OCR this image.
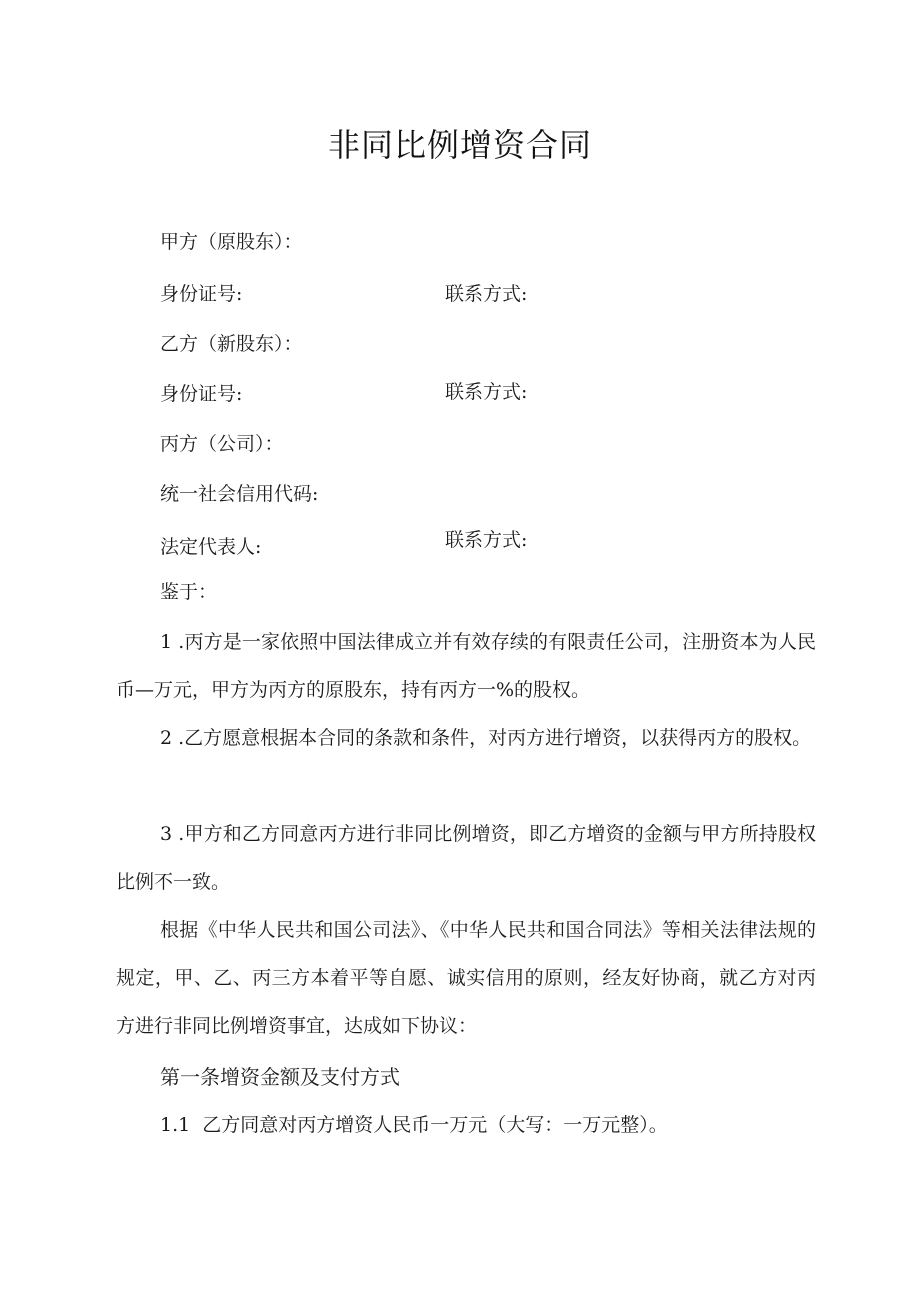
非同比例增资合同
甲方（原股东）：
身份证号:	联系方式:
乙方（新股东）：
身份证号:	联系方式:
丙方（公司）：
统一社会信用代码:
法定代表人:	联系方式:
鉴于：
1 .丙方是一家依照中国法律成立并有效存续的有限责任公司，注册资本为人民币—万元，甲方为丙方的原股东，持有丙方一%的股权。
2 .乙方愿意根据本合同的条款和条件，对丙方进行增资，以获得丙方的股权。
3 .甲方和乙方同意丙方进行非同比例增资，即乙方增资的金额与甲方所持股权比例不一致。
根据《中华人民共和国公司法》、《中华人民共和国合同法》等相关法律法规的规定，甲、乙、丙三方本着平等自愿、诚实信用的原则，经友好协商，就乙方对丙方进行非同比例增资事宜，达成如下协议：
第一条增资金额及支付方式
1.1  乙方同意对丙方增资人民币一万元（大写：一万元整）。
